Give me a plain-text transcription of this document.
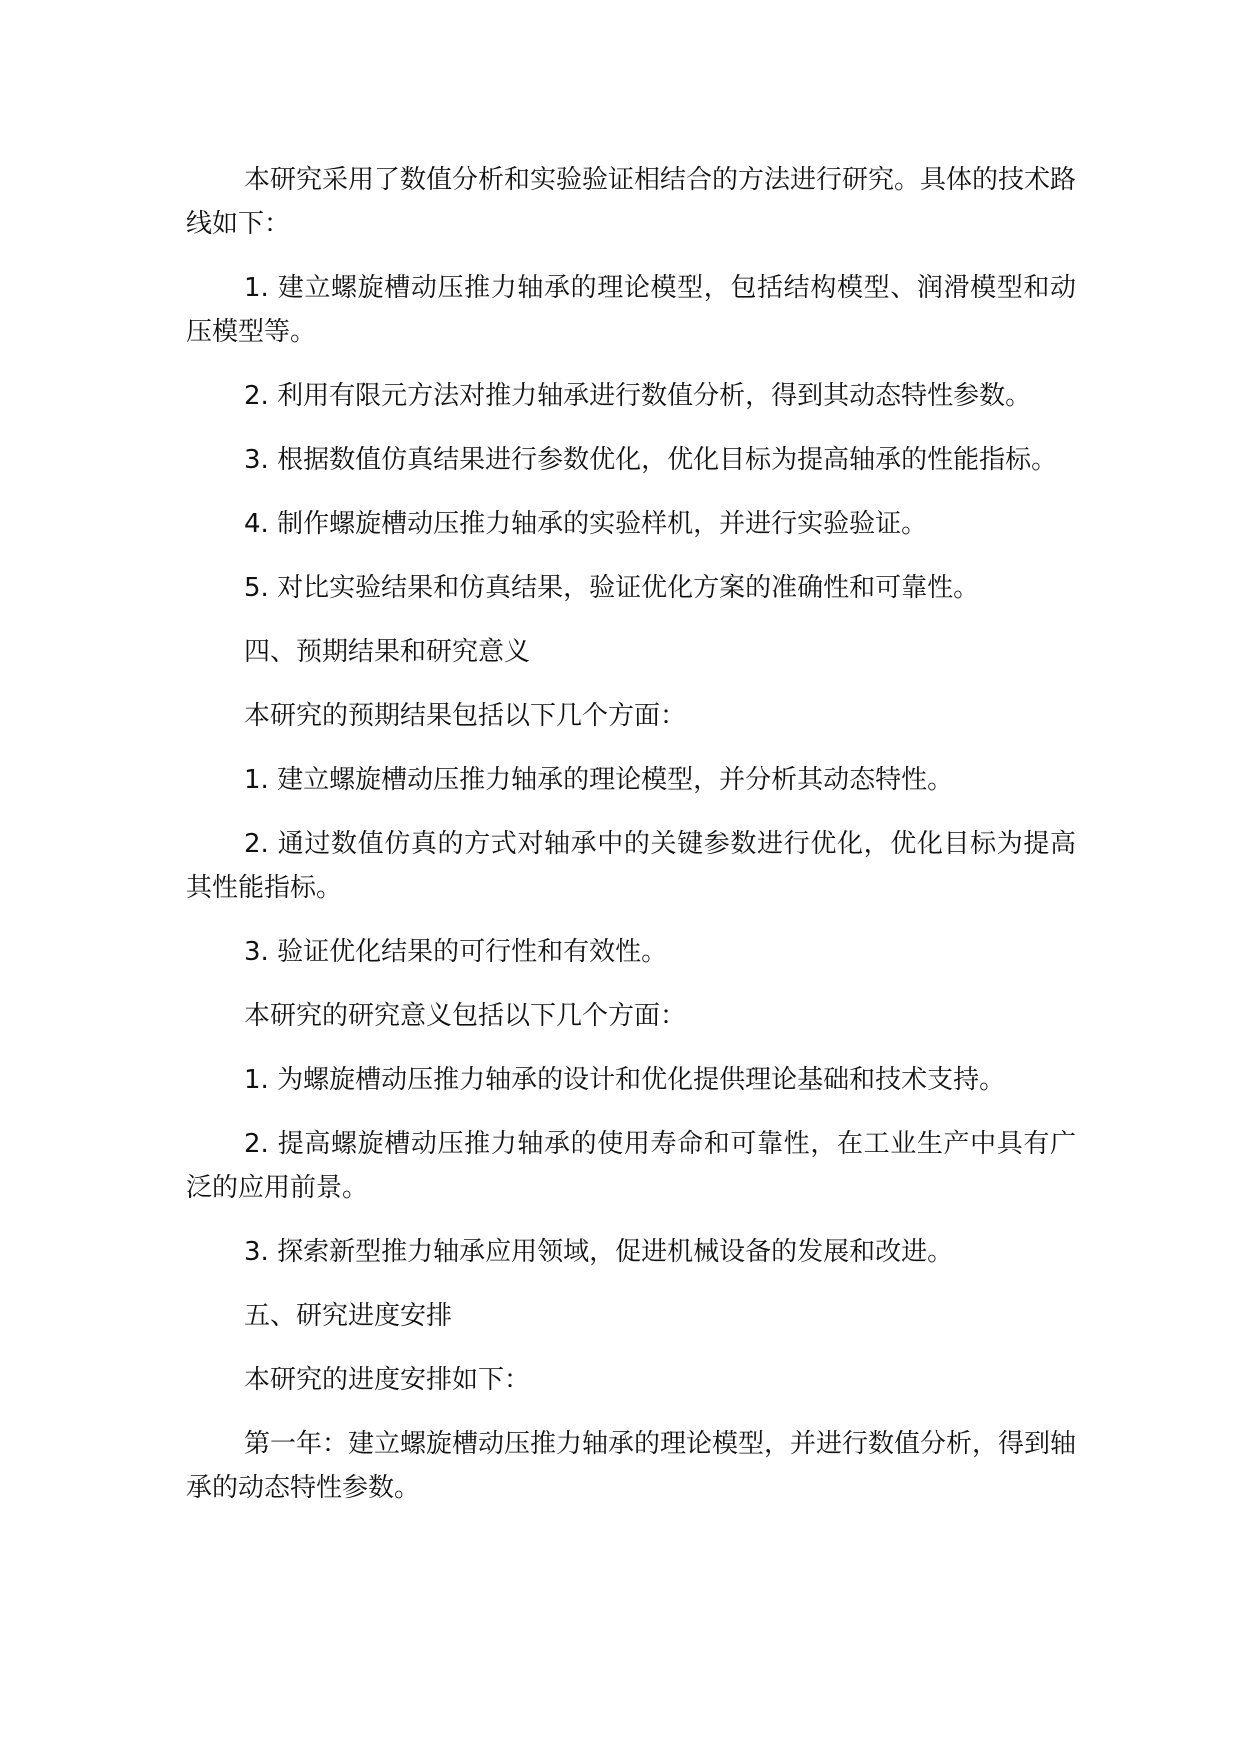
本研究采用了数值分析和实验验证相结合的方法进行研究。具体的技术路线如下：

1. 建立螺旋槽动压推力轴承的理论模型，包括结构模型、润滑模型和动压模型等。

2. 利用有限元方法对推力轴承进行数值分析，得到其动态特性参数。

3. 根据数值仿真结果进行参数优化，优化目标为提高轴承的性能指标。

4. 制作螺旋槽动压推力轴承的实验样机，并进行实验验证。

5. 对比实验结果和仿真结果，验证优化方案的准确性和可靠性。

四、预期结果和研究意义

本研究的预期结果包括以下几个方面：

1. 建立螺旋槽动压推力轴承的理论模型，并分析其动态特性。

2. 通过数值仿真的方式对轴承中的关键参数进行优化，优化目标为提高其性能指标。

3. 验证优化结果的可行性和有效性。

本研究的研究意义包括以下几个方面：

1. 为螺旋槽动压推力轴承的设计和优化提供理论基础和技术支持。

2. 提高螺旋槽动压推力轴承的使用寿命和可靠性，在工业生产中具有广泛的应用前景。

3. 探索新型推力轴承应用领域，促进机械设备的发展和改进。

五、研究进度安排

本研究的进度安排如下：

第一年：建立螺旋槽动压推力轴承的理论模型，并进行数值分析，得到轴承的动态特性参数。
